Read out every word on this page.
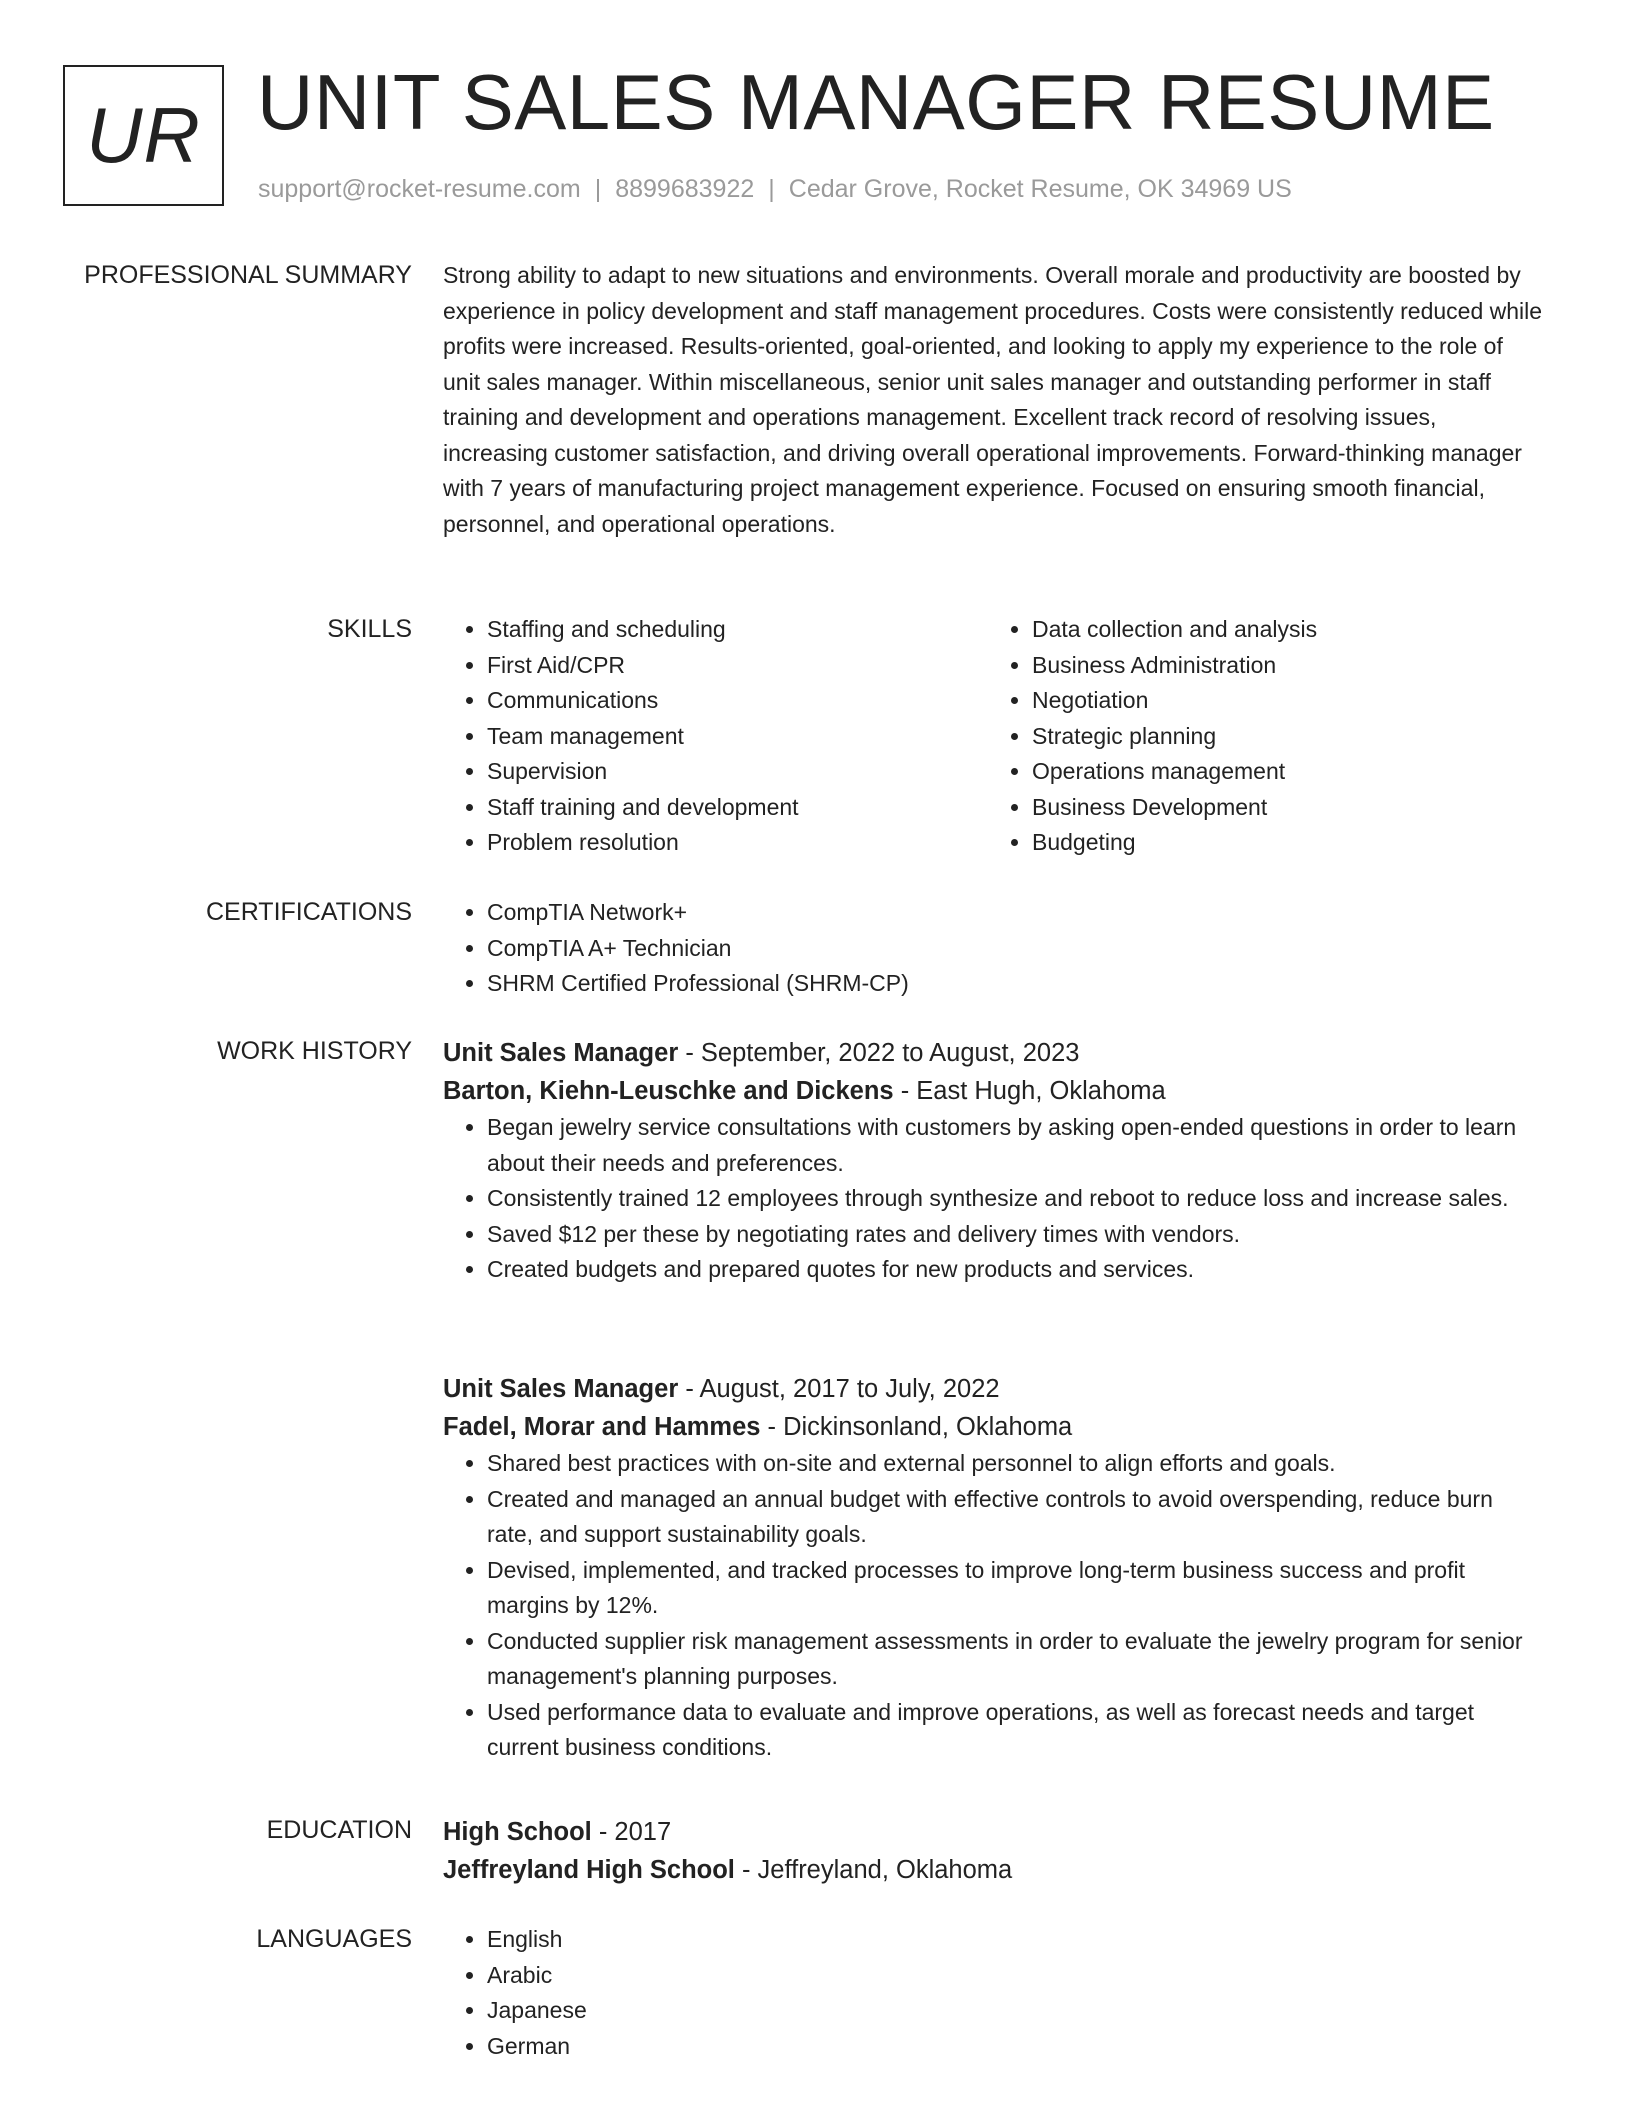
UR UNIT SALES MANAGER RESUME
support@rocket-resume.com | 8899683922 | Cedar Grove, Rocket Resume, OK 34969 US
PROFESSIONAL SUMMARY Strong ability to adapt to new situations and environments. Overall morale and productivity are boosted by experience in policy development and staff management procedures. Costs were consistently reduced while profits were increased. Results-oriented, goal-oriented, and looking to apply my experience to the role of unit sales manager. Within miscellaneous, senior unit sales manager and outstanding performer in staff training and development and operations management. Excellent track record of resolving issues, increasing customer satisfaction, and driving overall operational improvements. Forward-thinking manager with 7 years of manufacturing project management experience. Focused on ensuring smooth financial, personnel, and operational operations.

SKILLS	• Staffing and scheduling
• First Aid/CPR
• Communications
• Team management
• Supervision
• Staff training and development
• Problem resolution
• Data collection and analysis
• Business Administration
• Negotiation
• Strategic planning
• Operations management
• Business Development
• Budgeting
CERTIFICATIONS	• CompTIA Network+
• CompTIA A+ Technician
• SHRM Certified Professional (SHRM-CP)
WORK HISTORY Unit Sales Manager - September, 2022 to August, 2023
Barton, Kiehn-Leuschke and Dickens - East Hugh, Oklahoma
• Began jewelry service consultations with customers by asking open-ended questions in order to learn about their needs and preferences.
• Consistently trained 12 employees through synthesize and reboot to reduce loss and increase sales.
• Saved $12 per these by negotiating rates and delivery times with vendors.
• Created budgets and prepared quotes for new products and services.
Unit Sales Manager - August, 2017 to July, 2022
Fadel, Morar and Hammes - Dickinsonland, Oklahoma
• Shared best practices with on-site and external personnel to align efforts and goals.
• Created and managed an annual budget with effective controls to avoid overspending, reduce burn rate, and support sustainability goals.
• Devised, implemented, and tracked processes to improve long-term business success and profit margins by 12%.
• Conducted supplier risk management assessments in order to evaluate the jewelry program for senior management's planning purposes.
• Used performance data to evaluate and improve operations, as well as forecast needs and target current business conditions.
EDUCATION High School - 2017
Jeffreyland High School - Jeffreyland, Oklahoma
LANGUAGES	• English
• Arabic
• Japanese
• German
